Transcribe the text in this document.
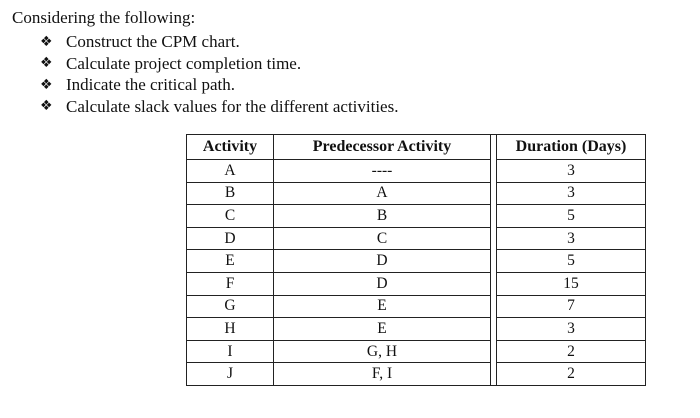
Considering the following:
❖ Construct the CPM chart.
❖ Calculate project completion time.
❖ Indicate the critical path.
❖ Calculate slack values for the different activities.
Activity	Predecessor Activity		Duration (Days)
A	----		3
B	A		3
C	B		5
D	C		3
E	D		5
F	D		15
G	E		7
H	E		3
I	G, H		2
J	F, I		2
